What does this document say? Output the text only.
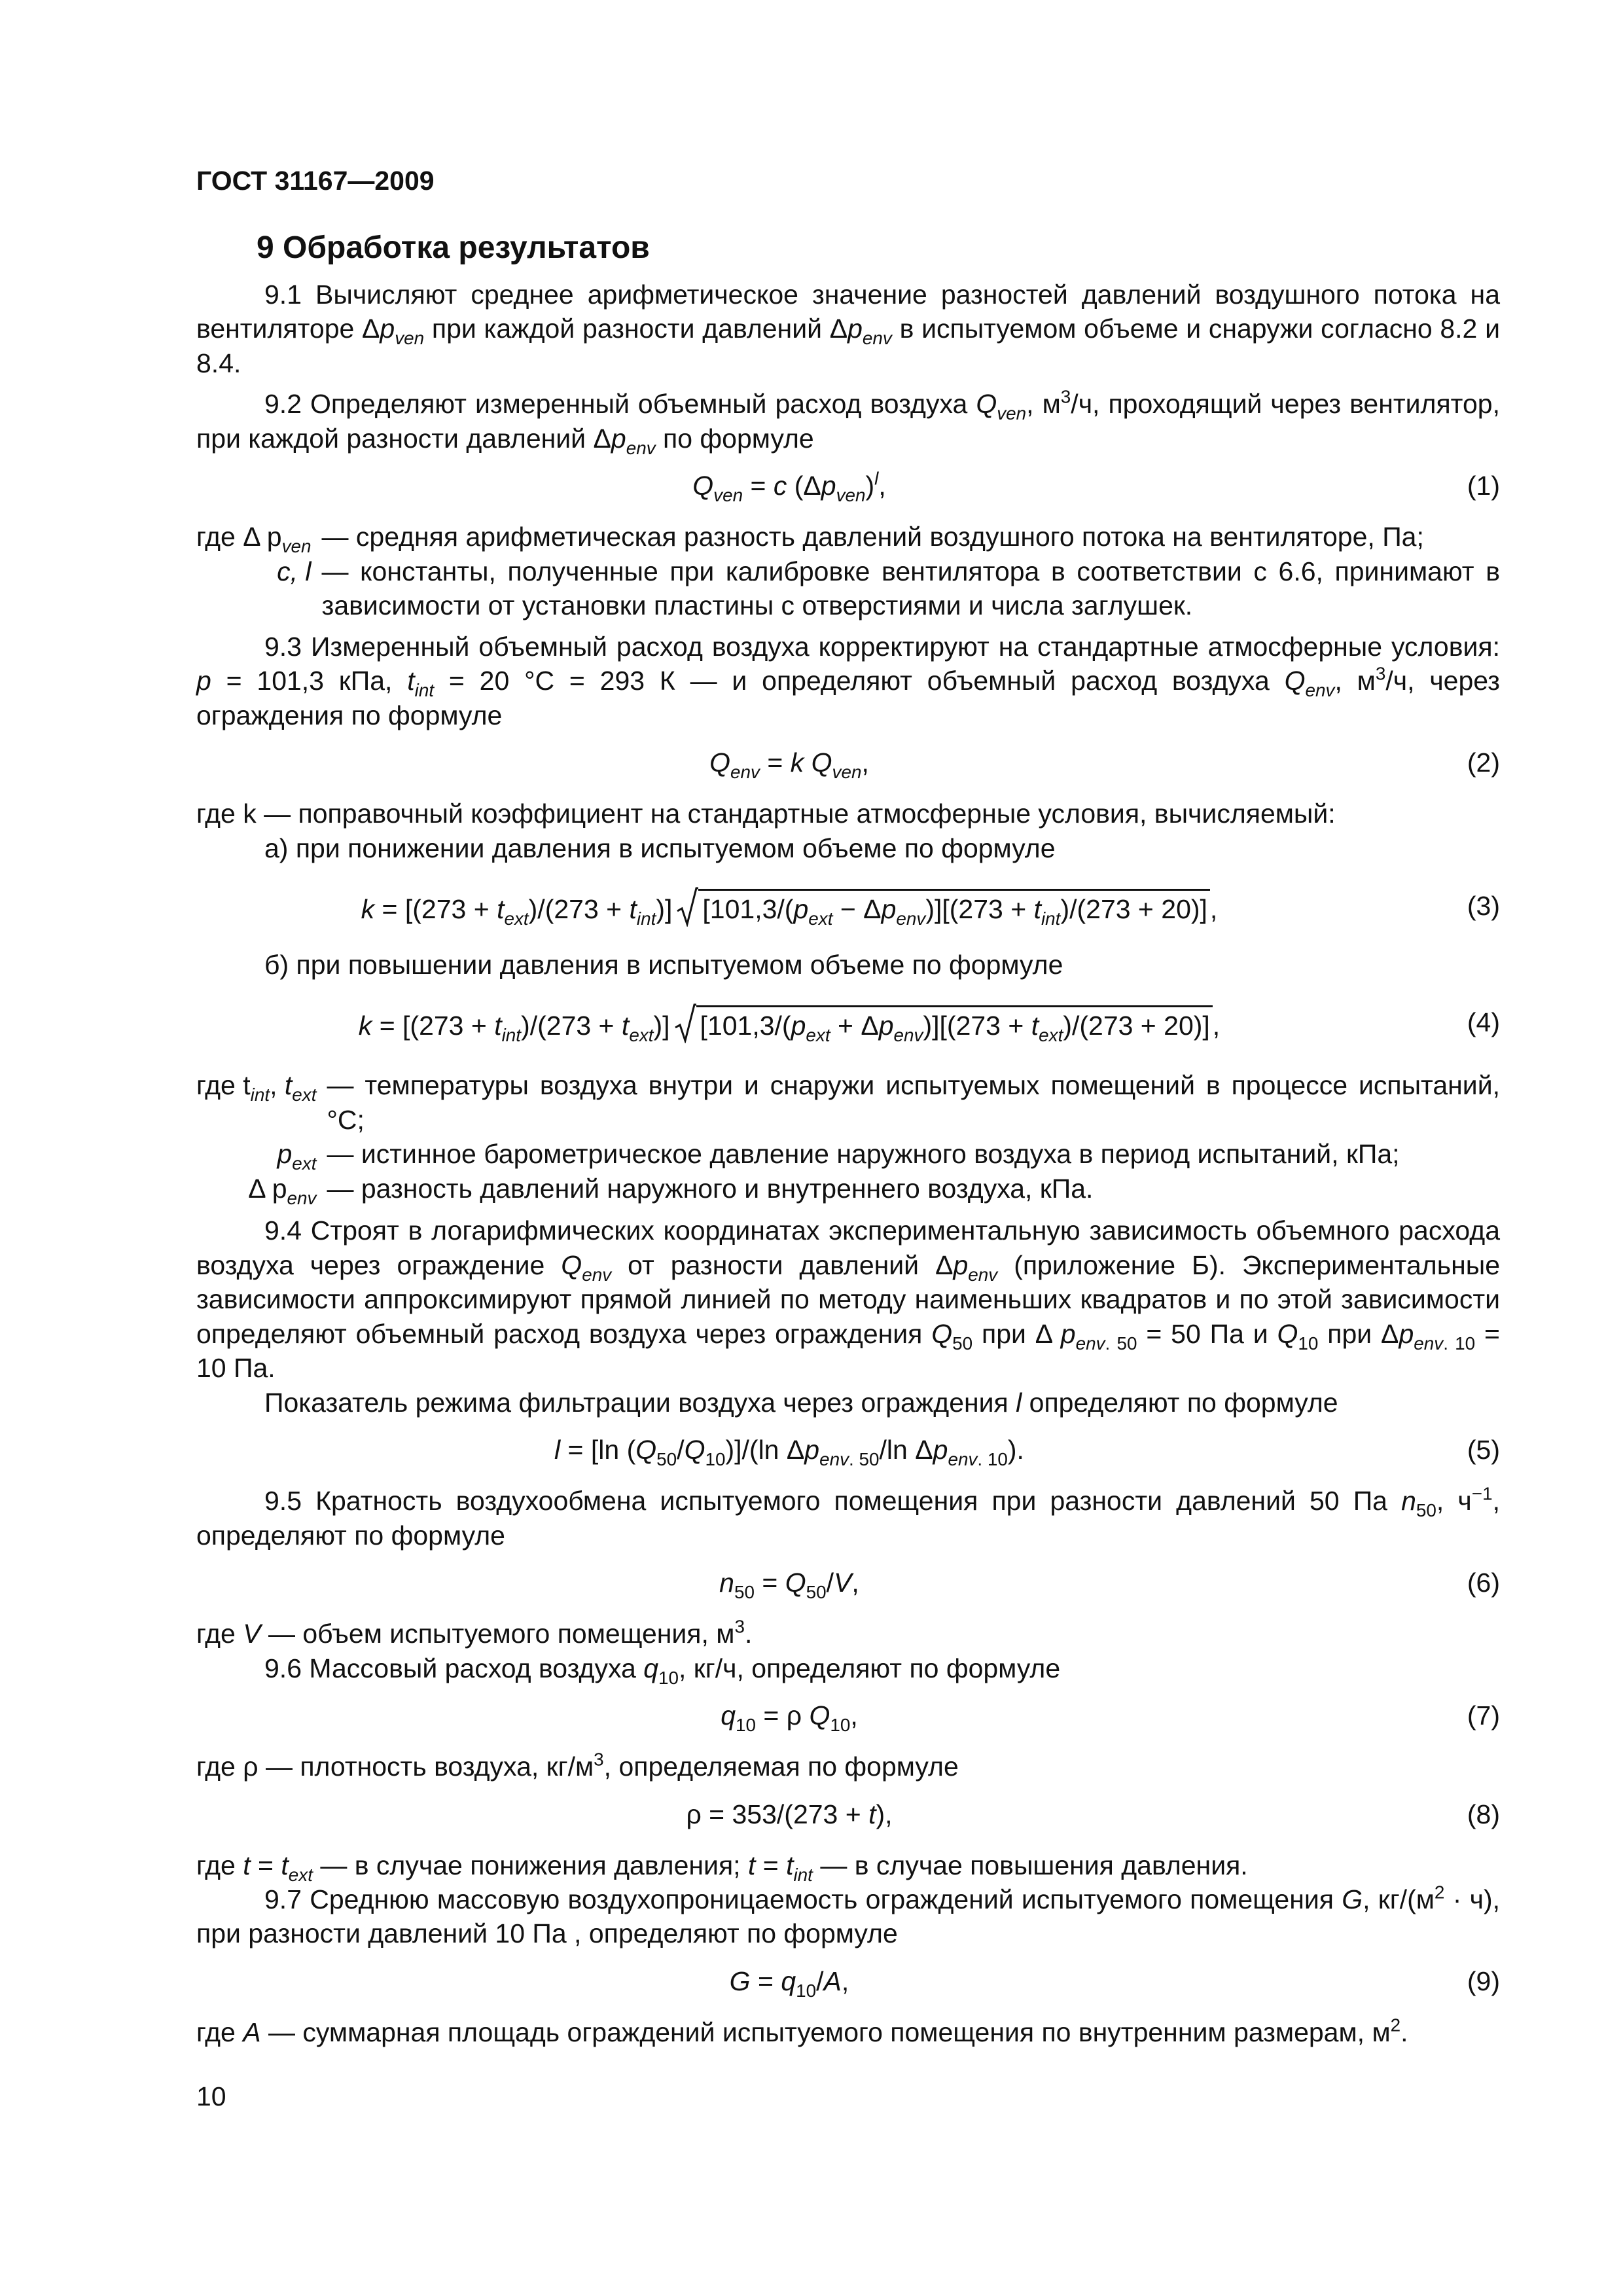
ГОСТ 31167—2009
9 Обработка результатов

9.1 Вычисляют среднее арифметическое значение разностей давлений воздушного потока на вентиляторе $\Delta p_{ven}$ при каждой разности давлений $\Delta p_{env}$ в испытуемом объеме и снаружи согласно 8.2 и 8.4.

9.2 Определяют измеренный объемный расход воздуха $Q_{ven}$, $м^3/ч$, проходящий через вентилятор, при каждой разности давлений $\Delta p_{env}$ по формуле

$Q_{ven} = c$ $(\Delta p_{ven})^l$,	(1)
где Δ $p_{ven}$ — средняя арифметическая разность давлений воздушного потока на вентиляторе, Па;
c, l — константы, полученные при калибровке вентилятора в соответствии с 6.6, принимают в зависимости от установки пластины с отверстиями и числа заглушек.

9.3 Измеренный объемный расход воздуха корректируют на стандартные атмосферные условия: p = 101,3 кПа, $t_{int} = 20$ °С = 293 К — и определяют объемный расход воздуха $Q_{env}$, $м^3/ч$, через ограждения по формуле

$Q_{env} = k$ $Q_{ven}$,	(2)

где k — поправочный коэффициент на стандартные атмосферные условия, вычисляемый:

а) при понижении давления в испытуемом объеме по формуле

$k = [(273 + t_{ext})/(273 + t_{int})]$ $[101,3/(p_{ext} - \Delta p_{env})][(273 + t_{int})/(273 + 20)]$,	(3)

б) при повышении давления в испытуемом объеме по формуле

$k = [(273 + t_{int})/(273 + t_{ext})]$ $[101,3/(p_{ext} + \Delta p_{env})][(273 + t_{ext})/(273 + 20)]$,	(4)
где $t_{int}$, $t_{ext}$ — температуры воздуха внутри и снаружи испытуемых помещений в процессе испытаний, °С;
$p_{ext}$ — истинное барометрическое давление наружного воздуха в период испытаний, кПа;
Δ $p_{env}$ — разность давлений наружного и внутреннего воздуха, кПа.

9.4 Строят в логарифмических координатах экспериментальную зависимость объемного расхода воздуха через ограждение $Q_{env}$ от разности давлений $\Delta p_{env}$ (приложение Б). Экспериментальные зависимости аппроксимируют прямой линией по методу наименьших квадратов и по этой зависимости определяют объемный расход воздуха через ограждения $Q_{50}$ при Δ $p_{env. 50} = 50$ Па и $Q_{10}$ при $\Delta p_{env. 10} = 10$ Па.

Показатель режима фильтрации воздуха через ограждения l определяют по формуле

l = [ln $(Q_{50}/Q_{10})]/(\ln$ $\Delta p_{env. 50}/\ln$ $\Delta p_{env. 10}$).	(5)

9.5 Кратность воздухообмена испытуемого помещения при разности давлений 50 Па $n_{50}$, $ч^{-1}$, определяют по формуле

$n_{50} = Q_{50}/V$,	(6)

где V — объем испытуемого помещения, $м^3$.

9.6 Массовый расход воздуха $q_{10}$, кг/ч, определяют по формуле

$q_{10} = \rho$ $Q_{10}$,	(7)

где ρ — плотность воздуха, $кг/м^3$, определяемая по формуле

ρ = 353/(273 + t),	(8)

где $t = t_{ext}$ — в случае понижения давления; $t = t_{int}$ — в случае повышения давления.

9.7 Среднюю массовую воздухопроницаемость ограждений испытуемого помещения G, $кг/(м^2 \cdot ч)$, при разности давлений 10 Па , определяют по формуле

$G = q_{10}/A$,	(9)

где A — суммарная площадь ограждений испытуемого помещения по внутренним размерам, $м^2$.

10
